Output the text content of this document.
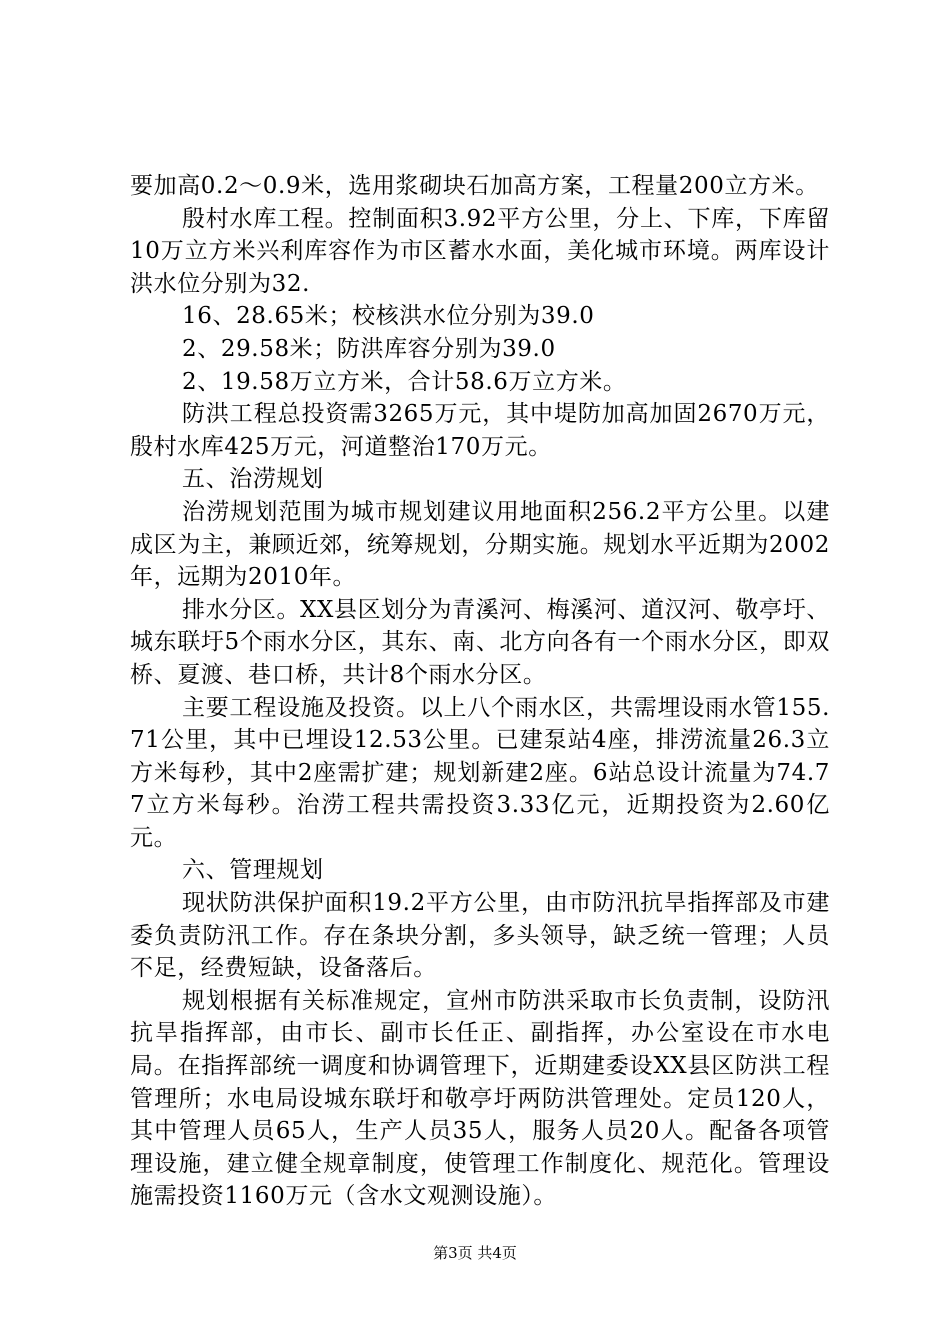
要加高0.2～0.9米，选用浆砌块石加高方案，工程量200立方米。

殷村水库工程。控制面积3.92平方公里，分上、下库，下库留10万立方米兴利库容作为市区蓄水水面，美化城市环境。两库设计洪水位分别为32.

16、28.65米；校核洪水位分别为39.0

2、29.58米；防洪库容分别为39.0

2、19.58万立方米，合计58.6万立方米。

防洪工程总投资需3265万元，其中堤防加高加固2670万元，殷村水库425万元，河道整治170万元。

五、治涝规划

治涝规划范围为城市规划建议用地面积256.2平方公里。以建成区为主，兼顾近郊，统筹规划，分期实施。规划水平近期为2002年，远期为2010年。

排水分区。XX县区划分为青溪河、梅溪河、道汉河、敬亭圩、城东联圩5个雨水分区，其东、南、北方向各有一个雨水分区，即双桥、夏渡、巷口桥，共计8个雨水分区。

主要工程设施及投资。以上八个雨水区，共需埋设雨水管155.71公里，其中已埋设12.53公里。已建泵站4座，排涝流量26.3立方米每秒，其中2座需扩建；规划新建2座。6站总设计流量为74.77立方米每秒。治涝工程共需投资3.33亿元，近期投资为2.60亿元。

六、管理规划

现状防洪保护面积19.2平方公里，由市防汛抗旱指挥部及市建委负责防汛工作。存在条块分割，多头领导，缺乏统一管理；人员不足，经费短缺，设备落后。

规划根据有关标准规定，宣州市防洪采取市长负责制，设防汛抗旱指挥部，由市长、副市长任正、副指挥，办公室设在市水电局。在指挥部统一调度和协调管理下，近期建委设XX县区防洪工程管理所；水电局设城东联圩和敬亭圩两防洪管理处。定员120人，其中管理人员65人，生产人员35人，服务人员20人。配备各项管理设施，建立健全规章制度，使管理工作制度化、规范化。管理设施需投资1160万元（含水文观测设施）。

第3页 共4页
